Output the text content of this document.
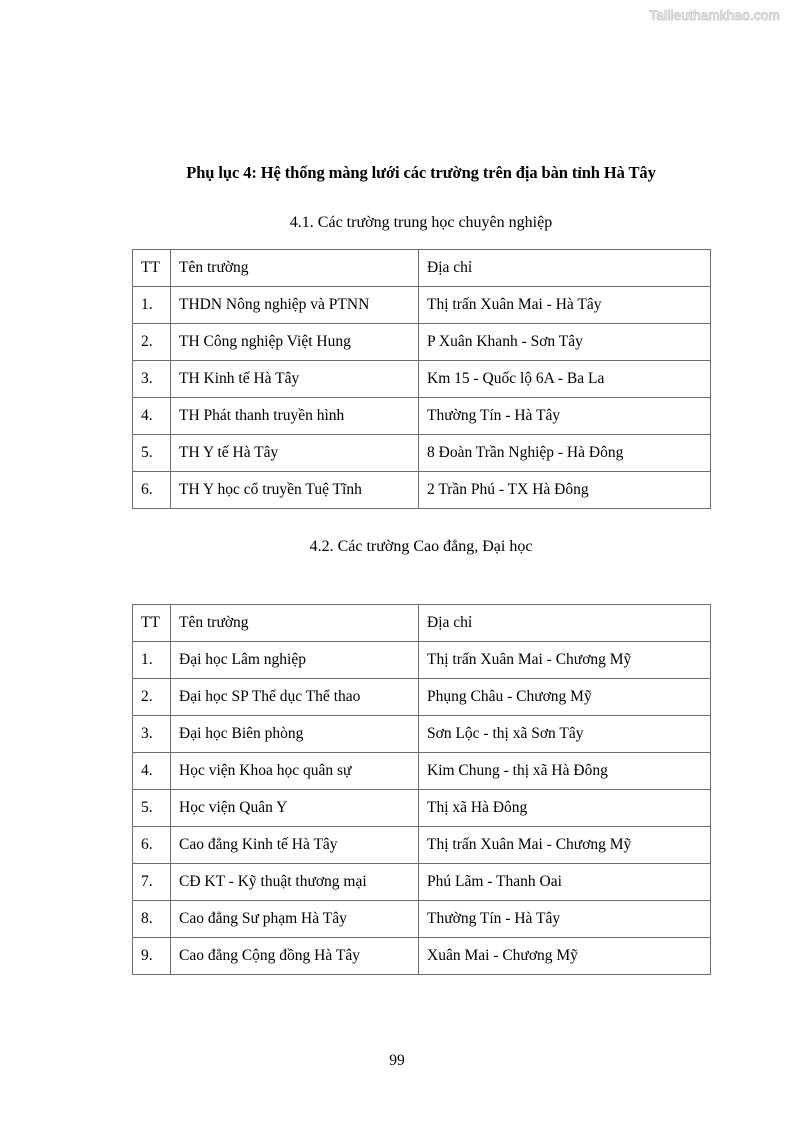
Tailieuthamkhao.com
Phụ lục 4: Hệ thống màng lưới các trường trên địa bàn tỉnh Hà Tây
4.1. Các trường trung học chuyên nghiệp
TT	Tên trường	Địa chỉ
1.	THDN Nông nghiệp và PTNN	Thị trấn Xuân Mai - Hà Tây
2.	TH Công nghiệp Việt Hung	P Xuân Khanh - Sơn Tây
3.	TH Kinh tế Hà Tây	Km 15 - Quốc lộ 6A - Ba La
4.	TH Phát thanh truyền hình	Thường Tín - Hà Tây
5.	TH Y tế Hà Tây	8 Đoàn Trần Nghiệp - Hà Đông
6.	TH Y học cổ truyền Tuệ Tĩnh	2 Trần Phú - TX Hà Đông
4.2. Các trường Cao đẳng, Đại học
TT	Tên trường	Địa chỉ
1.	Đại học Lâm nghiệp	Thị trấn Xuân Mai - Chương Mỹ
2.	Đại học SP Thể dục Thể thao	Phụng Châu - Chương Mỹ
3.	Đại học Biên phòng	Sơn Lộc - thị xã Sơn Tây
4.	Học viện Khoa học quân sự	Kim Chung - thị xã Hà Đông
5.	Học viện Quân Y	Thị xã Hà Đông
6.	Cao đẳng Kinh tế Hà Tây	Thị trấn Xuân Mai - Chương Mỹ
7.	CĐ KT - Kỹ thuật thương mại	Phú Lãm - Thanh Oai
8.	Cao đẳng Sư phạm Hà Tây	Thường Tín - Hà Tây
9.	Cao đẳng Cộng đồng Hà Tây	Xuân Mai - Chương Mỹ
99
